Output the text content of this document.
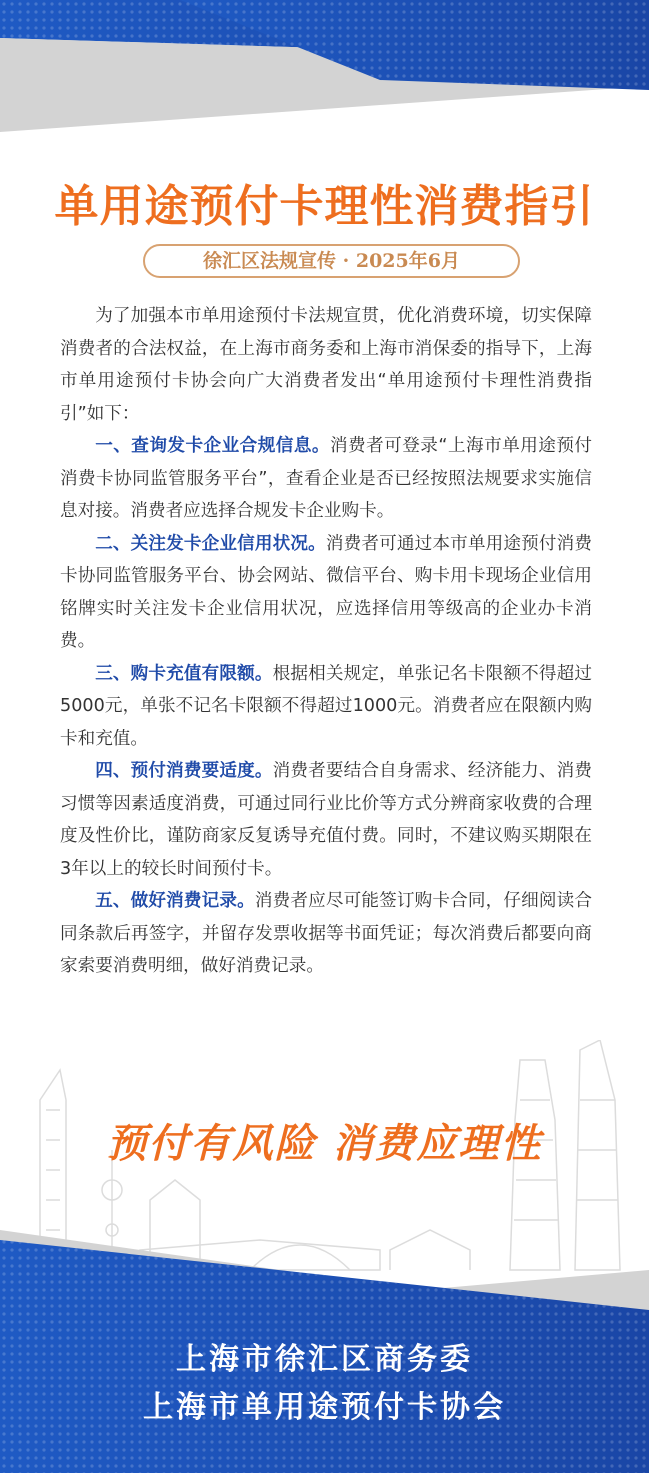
单用途预付卡理性消费指引
徐汇区法规宣传 · 2025年6月

为了加强本市单用途预付卡法规宣贯，优化消费环境，切实保障消费者的合法权益，在上海市商务委和上海市消保委的指导下，上海市单用途预付卡协会向广大消费者发出“单用途预付卡理性消费指引”如下：

一、查询发卡企业合规信息。消费者可登录“上海市单用途预付消费卡协同监管服务平台”，查看企业是否已经按照法规要求实施信息对接。消费者应选择合规发卡企业购卡。

二、关注发卡企业信用状况。消费者可通过本市单用途预付消费卡协同监管服务平台、协会网站、微信平台、购卡用卡现场企业信用铭牌实时关注发卡企业信用状况，应选择信用等级高的企业办卡消费。

三、购卡充值有限额。根据相关规定，单张记名卡限额不得超过5000元，单张不记名卡限额不得超过1000元。消费者应在限额内购卡和充值。

四、预付消费要适度。消费者要结合自身需求、经济能力、消费习惯等因素适度消费，可通过同行业比价等方式分辨商家收费的合理度及性价比，谨防商家反复诱导充值付费。同时，不建议购买期限在3年以上的较长时间预付卡。

五、做好消费记录。消费者应尽可能签订购卡合同，仔细阅读合同条款后再签字，并留存发票收据等书面凭证；每次消费后都要向商家索要消费明细，做好消费记录。

预付有风险 消费应理性
上海市徐汇区商务委
上海市单用途预付卡协会
